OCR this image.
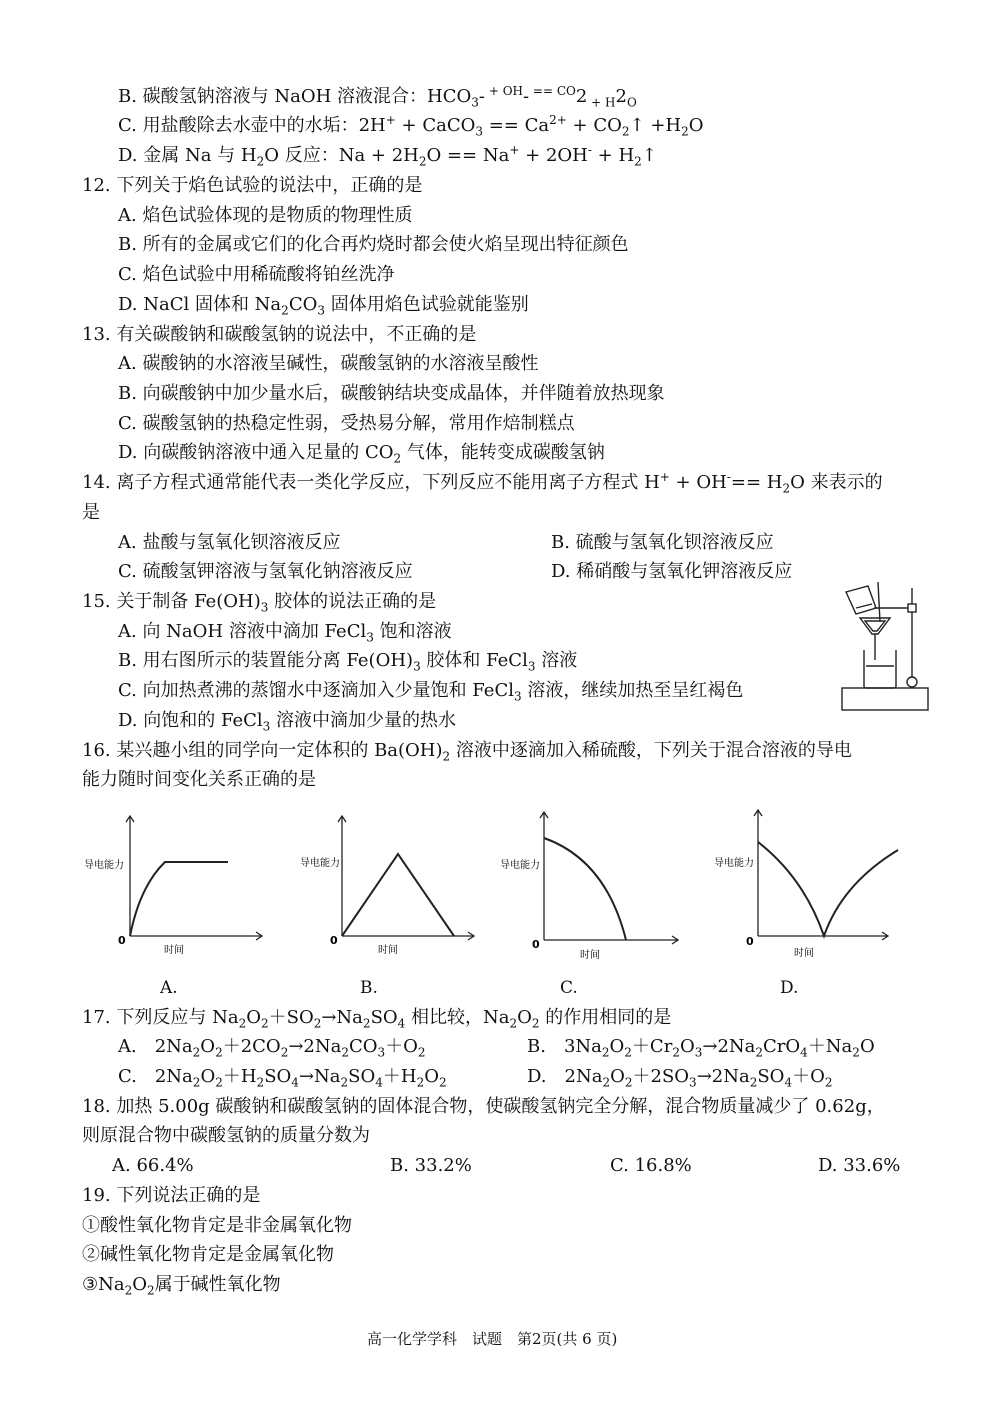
B. 碳酸氢钠溶液与 NaOH 溶液混合：$HCO_3-$ $^{+ OH}$- $^{== CO}$2 $_{+ H}2_O$
C. 用盐酸除去水壶中的水垢：2H+ + CaCO$_3$ == $Ca^{2+}$ + $CO_2↑ +H_2O$
D. 金属 Na 与 $H_2O$ 反应：$Na + 2H_2O == Na^+ + 2OH^-$ + $H_2↑$
12. 下列关于焰色试验的说法中，正确的是
A. 焰色试验体现的是物质的物理性质
B. 所有的金属或它们的化合再灼烧时都会使火焰呈现出特征颜色
C. 焰色试验中用稀硫酸将铂丝洗净
D. NaCl 固体和 $Na_2CO_3$ 固体用焰色试验就能鉴别
13. 有关碳酸钠和碳酸氢钠的说法中，不正确的是
A. 碳酸钠的水溶液呈碱性，碳酸氢钠的水溶液呈酸性
B. 向碳酸钠中加少量水后，碳酸钠结块变成晶体，并伴随着放热现象
C. 碳酸氢钠的热稳定性弱，受热易分解，常用作焙制糕点
D. 向碳酸钠溶液中通入足量的 $CO_2$ 气体，能转变成碳酸氢钠
14. 离子方程式通常能代表一类化学反应，下列反应不能用离子方程式 $H^+ + OH^-== H_2O$ 来表示的
是
A. 盐酸与氢氧化钡溶液反应	B. 硫酸与氢氧化钡溶液反应
C. 硫酸氢钾溶液与氢氧化钠溶液反应	D. 稀硝酸与氢氧化钾溶液反应
15. 关于制备 $Fe(OH)_3$ 胶体的说法正确的是
A. 向 NaOH 溶液中滴加 FeCl$_3$ 饱和溶液
B. 用右图所示的装置能分离 $Fe(OH)_3$ 胶体和 FeCl$_3$ 溶液
C. 向加热煮沸的蒸馏水中逐滴加入少量饱和 FeCl$_3$ 溶液，继续加热至呈红褐色
D. 向饱和的 FeCl$_3$ 溶液中滴加少量的热水
16. 某兴趣小组的同学向一定体积的 $Ba(OH)_2$ 溶液中逐滴加入稀硫酸，下列关于混合溶液的导电
能力随时间变化关系正确的是
导电能力
0
时间
导电能力
0
时间
导电能力
0
时间
导电能力
0
时间
A.	B.	C.	D.
17. 下列反应与 $Na_2O_2+SO_2\to Na_2SO_4$ 相比较，$Na_2O_2$ 的作用相同的是
A.　$2Na_2O_2+2CO_2\to 2Na_2CO_3+O_2$	B.　$3Na_2O_2+Cr_2O_3\to 2Na_2CrO_4+Na_2O$
C.　$2Na_2O_2+H_2SO_4\to Na_2SO_4+H_2O_2$	D.　$2Na_2O_2+2SO_3\to 2Na_2SO_4+O_2$
18. 加热 5.00g 碳酸钠和碳酸氢钠的固体混合物，使碳酸氢钠完全分解，混合物质量减少了 0.62g，
则原混合物中碳酸氢钠的质量分数为
A. 66.4%	B. 33.2%	C. 16.8%	D. 33.6%
19. 下列说法正确的是
①酸性氧化物肯定是非金属氧化物
②碱性氧化物肯定是金属氧化物
$③Na_2O_2$属于碱性氧化物
高一化学学科　试题　第2页(共 6 页)
